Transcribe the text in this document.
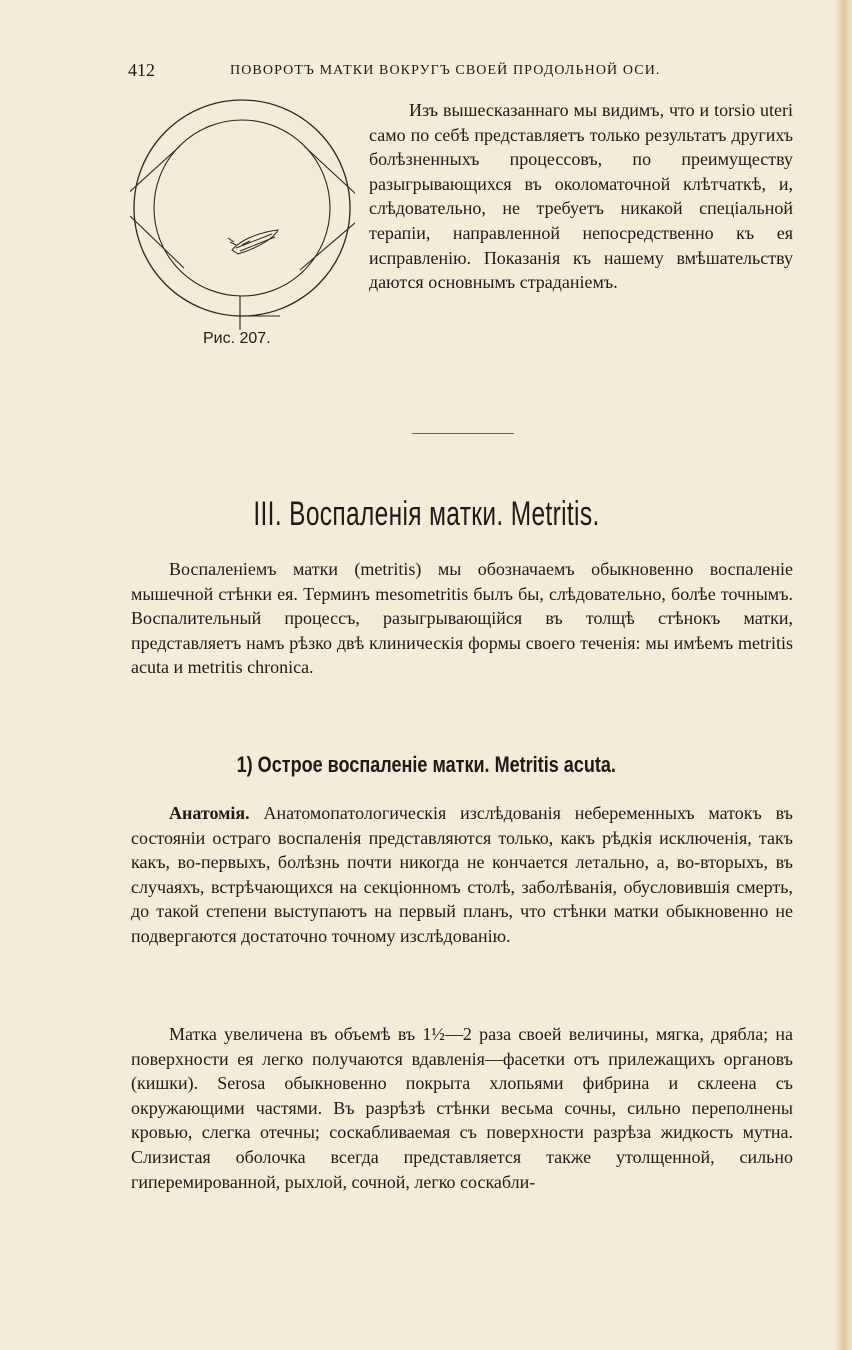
412	ПОВОРОТЪ МАТКИ ВОКРУГЪ СВОЕЙ ПРОДОЛЬНОЙ ОСИ.
Рис. 207.

Изъ вышесказаннаго мы видимъ, что и torsio uteri само по себѣ представляетъ только результатъ другихъ болѣзненныхъ процессовъ, по преимуществу разыгрывающихся въ околоматочной клѣтчаткѣ, и, слѣдовательно, не требуетъ никакой спеціальной терапіи, направленной непосредственно къ ея исправленію. Показанія къ нашему вмѣшательству даются основнымъ страданіемъ.

III. Воспаленія матки. Metritis.

Воспаленіемъ матки (metritis) мы обозначаемъ обыкновенно воспаленіе мышечной стѣнки ея. Терминъ mesometritis былъ бы, слѣдовательно, болѣе точнымъ. Воспалительный процессъ, разыгрывающійся въ толщѣ стѣнокъ матки, представляетъ намъ рѣзко двѣ клиническія формы своего теченія: мы имѣемъ metritis acuta и metritis chronica.

1) Острое воспаленіе матки. Metritis acuta.

Анатомія. Анатомопатологическія изслѣдованія небеременныхъ матокъ въ состояніи остраго воспаленія представляются только, какъ рѣдкія исключенія, такъ какъ, во-первыхъ, болѣзнь почти никогда не кончается летально, а, во-вторыхъ, въ случаяхъ, встрѣчающихся на секціонномъ столѣ, заболѣванія, обусловившія смерть, до такой степени выступаютъ на первый планъ, что стѣнки матки обыкновенно не подвергаются достаточно точному изслѣдованію.

Матка увеличена въ объемѣ въ 1½—2 раза своей величины, мягка, дрябла; на поверхности ея легко получаются вдавленія—фасетки отъ прилежащихъ органовъ (кишки). Serosa обыкновенно покрыта хлопьями фибрина и склеена съ окружающими частями. Въ разрѣзѣ стѣнки весьма сочны, сильно переполнены кровью, слегка отечны; соскабливаемая съ поверхности разрѣза жидкость мутна. Слизистая оболочка всегда представляется также утолщенной, сильно гиперемированной, рыхлой, сочной, легко соскабли-
